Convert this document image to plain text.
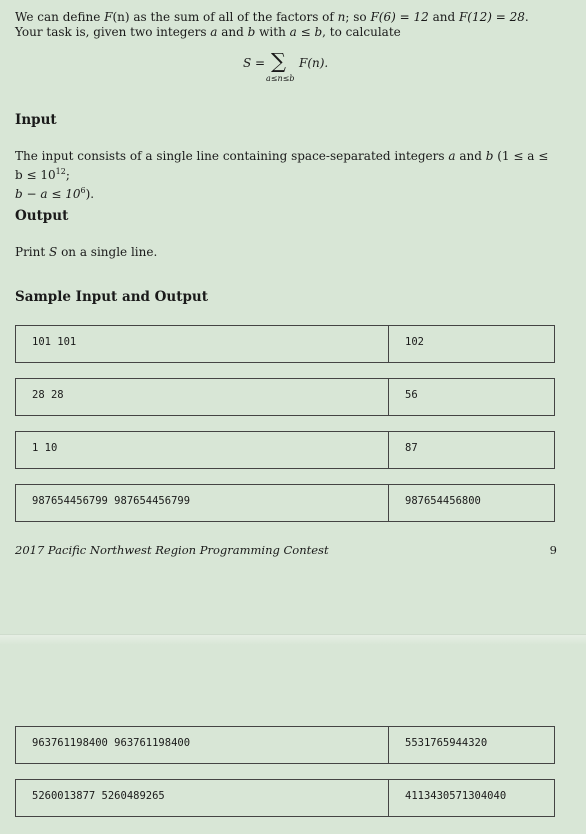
We can define F(n) as the sum of all of the factors of n; so F(6) = 12 and F(12) = 28. Your task is, given two integers a and b with a ≤ b, to calculate
S = ∑ F(n).
a≤n≤b
Input
The input consists of a single line containing space-separated integers a and b ($1 \le a \le b \le 10^{12}$;
$b - a \le 10^6$).
Output
Print S on a single line.
Sample Input and Output
101 101	102
28 28	56
1 10	87
987654456799 987654456799	987654456800
2017 Pacific Northwest Region Programming Contest	9
963761198400 963761198400	5531765944320
5260013877 5260489265	4113430571304040
